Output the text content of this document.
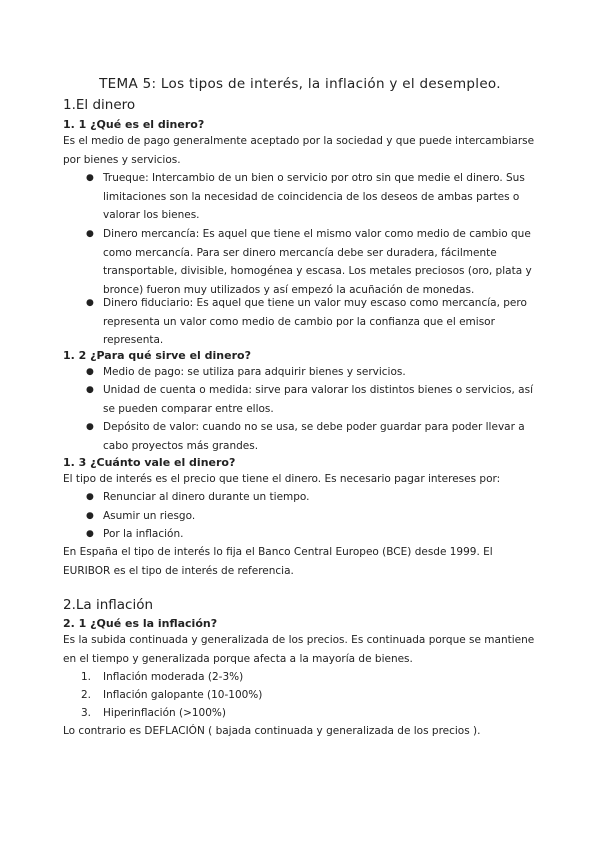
TEMA 5: Los tipos de interés, la inflación y el desempleo.
1.El dinero
1. 1 ¿Qué es el dinero?
Es el medio de pago generalmente aceptado por la sociedad y que puede intercambiarse por bienes y servicios.
● Trueque: Intercambio de un bien o servicio por otro sin que medie el dinero. Sus limitaciones son la necesidad de coincidencia de los deseos de ambas partes o valorar los bienes.
● Dinero mercancía: Es aquel que tiene el mismo valor como medio de cambio que como mercancía. Para ser dinero mercancía debe ser duradera, fácilmente transportable, divisible, homogénea y escasa. Los metales preciosos (oro, plata y bronce) fueron muy utilizados y así empezó la acuñación de monedas.
● Dinero fiduciario: Es aquel que tiene un valor muy escaso como mercancía, pero representa un valor como medio de cambio por la confianza que el emisor representa.
1. 2 ¿Para qué sirve el dinero?
● Medio de pago: se utiliza para adquirir bienes y servicios.
● Unidad de cuenta o medida: sirve para valorar los distintos bienes o servicios, así se pueden comparar entre ellos.
● Depósito de valor: cuando no se usa, se debe poder guardar para poder llevar a cabo proyectos más grandes.
1. 3 ¿Cuánto vale el dinero?
El tipo de interés es el precio que tiene el dinero. Es necesario pagar intereses por:
● Renunciar al dinero durante un tiempo.
● Asumir un riesgo.
● Por la inflación.
En España el tipo de interés lo fija el Banco Central Europeo (BCE) desde 1999. El EURIBOR es el tipo de interés de referencia.
2.La inflación
2. 1 ¿Qué es la inflación?
Es la subida continuada y generalizada de los precios. Es continuada porque se mantiene en el tiempo y generalizada porque afecta a la mayoría de bienes.
1. Inflación moderada (2-3%)
2. Inflación galopante (10-100%)
3. Hiperinflación (>100%)
Lo contrario es DEFLACIÓN ( bajada continuada y generalizada de los precios ).
